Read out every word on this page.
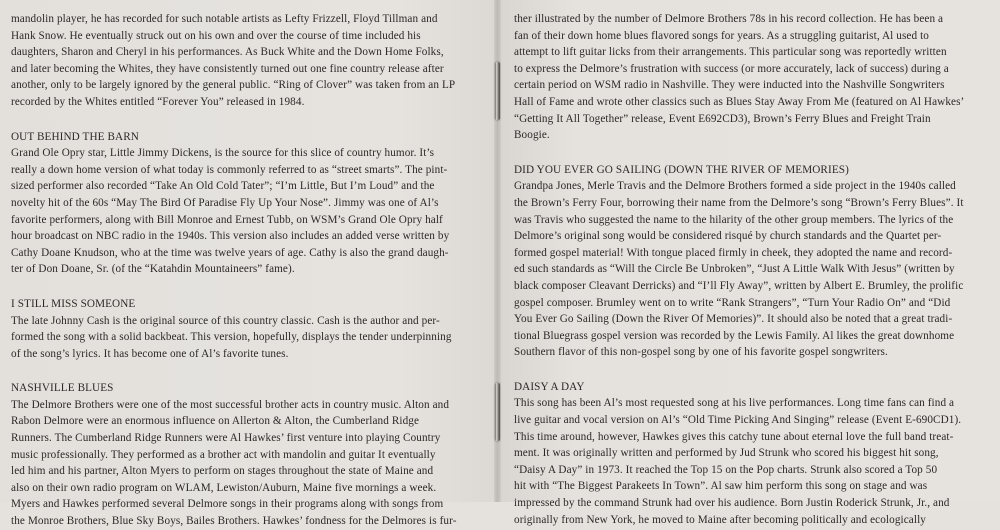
mandolin player, he has recorded for such notable artists as Lefty Frizzell, Floyd Tillman and
Hank Snow. He eventually struck out on his own and over the course of time included his
daughters, Sharon and Cheryl in his performances. As Buck White and the Down Home Folks,
and later becoming the Whites, they have consistently turned out one fine country release after
another, only to be largely ignored by the general public. “Ring of Clover” was taken from an LP
recorded by the Whites entitled “Forever You” released in 1984.
OUT BEHIND THE BARN
Grand Ole Opry star, Little Jimmy Dickens, is the source for this slice of country humor. It’s
really a down home version of what today is commonly referred to as “street smarts”. The pint-
sized performer also recorded “Take An Old Cold Tater”; “I’m Little, But I’m Loud” and the
novelty hit of the 60s “May The Bird Of Paradise Fly Up Your Nose”. Jimmy was one of Al’s
favorite performers, along with Bill Monroe and Ernest Tubb, on WSM’s Grand Ole Opry half
hour broadcast on NBC radio in the 1940s. This version also includes an added verse written by
Cathy Doane Knudson, who at the time was twelve years of age. Cathy is also the grand daugh-
ter of Don Doane, Sr. (of the “Katahdin Mountaineers” fame).
I STILL MISS SOMEONE
The late Johnny Cash is the original source of this country classic. Cash is the author and per-
formed the song with a solid backbeat. This version, hopefully, displays the tender underpinning
of the song’s lyrics. It has become one of Al’s favorite tunes.
NASHVILLE BLUES
The Delmore Brothers were one of the most successful brother acts in country music. Alton and
Rabon Delmore were an enormous influence on Allerton & Alton, the Cumberland Ridge
Runners. The Cumberland Ridge Runners were Al Hawkes’ first venture into playing Country
music professionally. They performed as a brother act with mandolin and guitar It eventually
led him and his partner, Alton Myers to perform on stages throughout the state of Maine and
also on their own radio program on WLAM, Lewiston/Auburn, Maine five mornings a week.
Myers and Hawkes performed several Delmore songs in their programs along with songs from
the Monroe Brothers, Blue Sky Boys, Bailes Brothers. Hawkes’ fondness for the Delmores is fur-
ther illustrated by the number of Delmore Brothers 78s in his record collection. He has been a
fan of their down home blues flavored songs for years. As a struggling guitarist, Al used to
attempt to lift guitar licks from their arrangements. This particular song was reportedly written
to express the Delmore’s frustration with success (or more accurately, lack of success) during a
certain period on WSM radio in Nashville. They were inducted into the Nashville Songwriters
Hall of Fame and wrote other classics such as Blues Stay Away From Me (featured on Al Hawkes’
“Getting It All Together” release, Event E692CD3), Brown’s Ferry Blues and Freight Train
Boogie.
DID YOU EVER GO SAILING (DOWN THE RIVER OF MEMORIES)
Grandpa Jones, Merle Travis and the Delmore Brothers formed a side project in the 1940s called
the Brown’s Ferry Four, borrowing their name from the Delmore’s song “Brown’s Ferry Blues”. It
was Travis who suggested the name to the hilarity of the other group members. The lyrics of the
Delmore’s original song would be considered risqué by church standards and the Quartet per-
formed gospel material! With tongue placed firmly in cheek, they adopted the name and record-
ed such standards as “Will the Circle Be Unbroken”, “Just A Little Walk With Jesus” (written by
black composer Cleavant Derricks) and “I’ll Fly Away”, written by Albert E. Brumley, the prolific
gospel composer. Brumley went on to write “Rank Strangers”, “Turn Your Radio On” and “Did
You Ever Go Sailing (Down the River Of Memories)”. It should also be noted that a great tradi-
tional Bluegrass gospel version was recorded by the Lewis Family. Al likes the great downhome
Southern flavor of this non-gospel song by one of his favorite gospel songwriters.
DAISY A DAY
This song has been Al’s most requested song at his live performances. Long time fans can find a
live guitar and vocal version on Al’s “Old Time Picking And Singing” release (Event E-690CD1).
This time around, however, Hawkes gives this catchy tune about eternal love the full band treat-
ment. It was originally written and performed by Jud Strunk who scored his biggest hit song,
“Daisy A Day” in 1973. It reached the Top 15 on the Pop charts. Strunk also scored a Top 50
hit with “The Biggest Parakeets In Town”. Al saw him perform this song on stage and was
impressed by the command Strunk had over his audience. Born Justin Roderick Strunk, Jr., and
originally from New York, he moved to Maine after becoming politically and ecologically
